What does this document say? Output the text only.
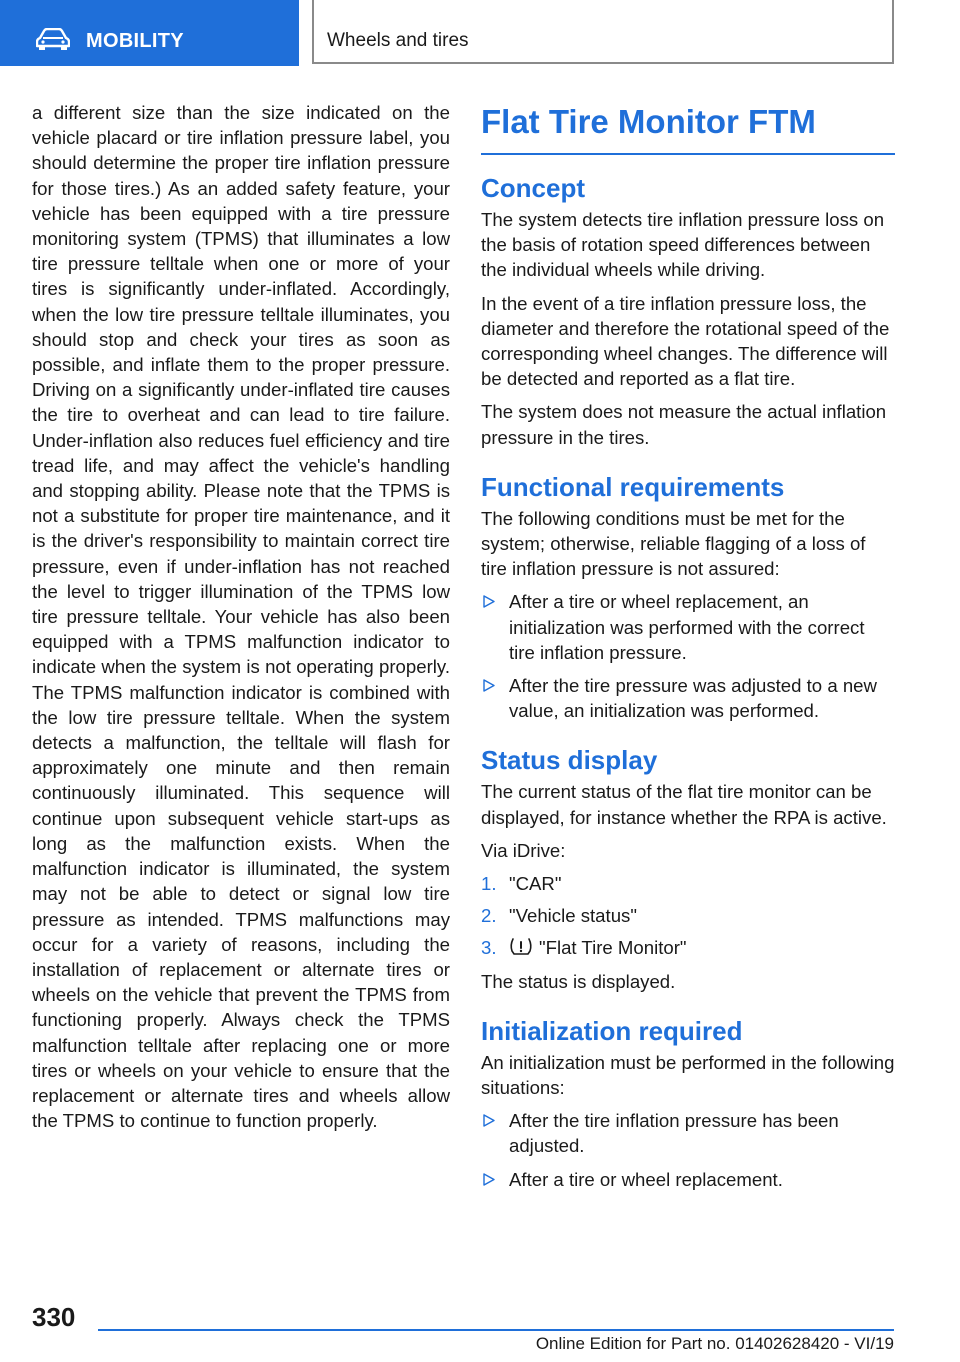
MOBILITY	Wheels and tires

a different size than the size indicated on the vehicle placard or tire inflation pressure label, you should determine the proper tire inflation pressure for those tires.) As an added safety feature, your vehicle has been equipped with a tire pressure monitoring system (TPMS) that illuminates a low tire pressure telltale when one or more of your tires is significantly under-inflated. Accordingly, when the low tire pressure telltale illuminates, you should stop and check your tires as soon as possible, and inflate them to the proper pressure. Driving on a significantly under-inflated tire causes the tire to overheat and can lead to tire failure. Under-inflation also reduces fuel efficiency and tire tread life, and may affect the vehicle's handling and stopping ability. Please note that the TPMS is not a substitute for proper tire maintenance, and it is the driver's responsibility to maintain correct tire pressure, even if under-inflation has not reached the level to trigger illumination of the TPMS low tire pressure telltale. Your vehicle has also been equipped with a TPMS malfunction indicator to indicate when the system is not operating properly. The TPMS malfunction indicator is combined with the low tire pressure telltale. When the system detects a malfunction, the telltale will flash for approximately one minute and then remain continuously illuminated. This sequence will continue upon subsequent vehicle start-ups as long as the malfunction exists. When the malfunction indicator is illuminated, the system may not be able to detect or signal low tire pressure as intended. TPMS malfunctions may occur for a variety of reasons, including the installation of replacement or alternate tires or wheels on the vehicle that prevent the TPMS from functioning properly. Always check the TPMS malfunction telltale after replacing one or more tires or wheels on your vehicle to ensure that the replacement or alternate tires and wheels allow the TPMS to continue to function properly.

Flat Tire Monitor FTM
Concept

The system detects tire inflation pressure loss on the basis of rotation speed differences between the individual wheels while driving.

In the event of a tire inflation pressure loss, the diameter and therefore the rotational speed of the corresponding wheel changes. The difference will be detected and reported as a flat tire.

The system does not measure the actual inflation pressure in the tires.

Functional requirements

The following conditions must be met for the system; otherwise, reliable flagging of a loss of tire inflation pressure is not assured:

After a tire or wheel replacement, an initialization was performed with the correct tire inflation pressure.
After the tire pressure was adjusted to a new value, an initialization was performed.
Status display

The current status of the flat tire monitor can be displayed, for instance whether the RPA is active.

Via iDrive:

1. "CAR"
2. "Vehicle status"
3. "Flat Tire Monitor"

The status is displayed.

Initialization required

An initialization must be performed in the following situations:

After the tire inflation pressure has been adjusted.
After a tire or wheel replacement.
330
Online Edition for Part no. 01402628420 - VI/19
